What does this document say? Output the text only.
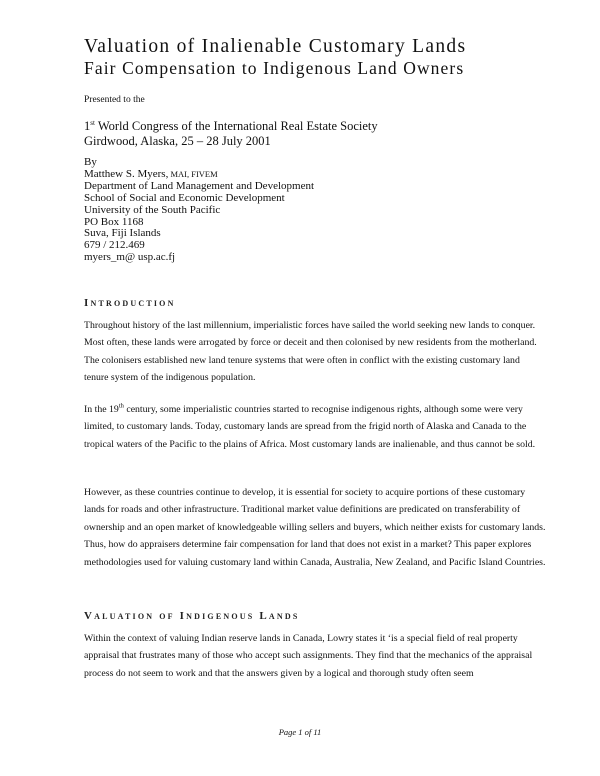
Valuation of Inalienable Customary Lands
Fair Compensation to Indigenous Land Owners
Presented to the
1st World Congress of the International Real Estate Society
Girdwood, Alaska, 25 – 28 July 2001
By
Matthew S. Myers, MAI, FIVEM
Department of Land Management and Development
School of Social and Economic Development
University of the South Pacific
PO Box 1168
Suva, Fiji Islands
679 / 212.469
myers_m@ usp.ac.fj
Introduction

Throughout history of the last millennium, imperialistic forces have sailed the world seeking new lands to conquer. Most often, these lands were arrogated by force or deceit and then colonised by new residents from the motherland. The colonisers established new land tenure systems that were often in conflict with the existing customary land tenure system of the indigenous population.

In the 19th century, some imperialistic countries started to recognise indigenous rights, although some were very limited, to customary lands. Today, customary lands are spread from the frigid north of Alaska and Canada to the tropical waters of the Pacific to the plains of Africa. Most customary lands are inalienable, and thus cannot be sold.

However, as these countries continue to develop, it is essential for society to acquire portions of these customary lands for roads and other infrastructure. Traditional market value definitions are predicated on transferability of ownership and an open market of knowledgeable willing sellers and buyers, which neither exists for customary lands. Thus, how do appraisers determine fair compensation for land that does not exist in a market? This paper explores methodologies used for valuing customary land within Canada, Australia, New Zealand, and Pacific Island Countries.

Valuation of Indigenous Lands

Within the context of valuing Indian reserve lands in Canada, Lowry states it ‘is a special field of real property appraisal that frustrates many of those who accept such assignments. They find that the mechanics of the appraisal process do not seem to work and that the answers given by a logical and thorough study often seem

Page 1 of 11
